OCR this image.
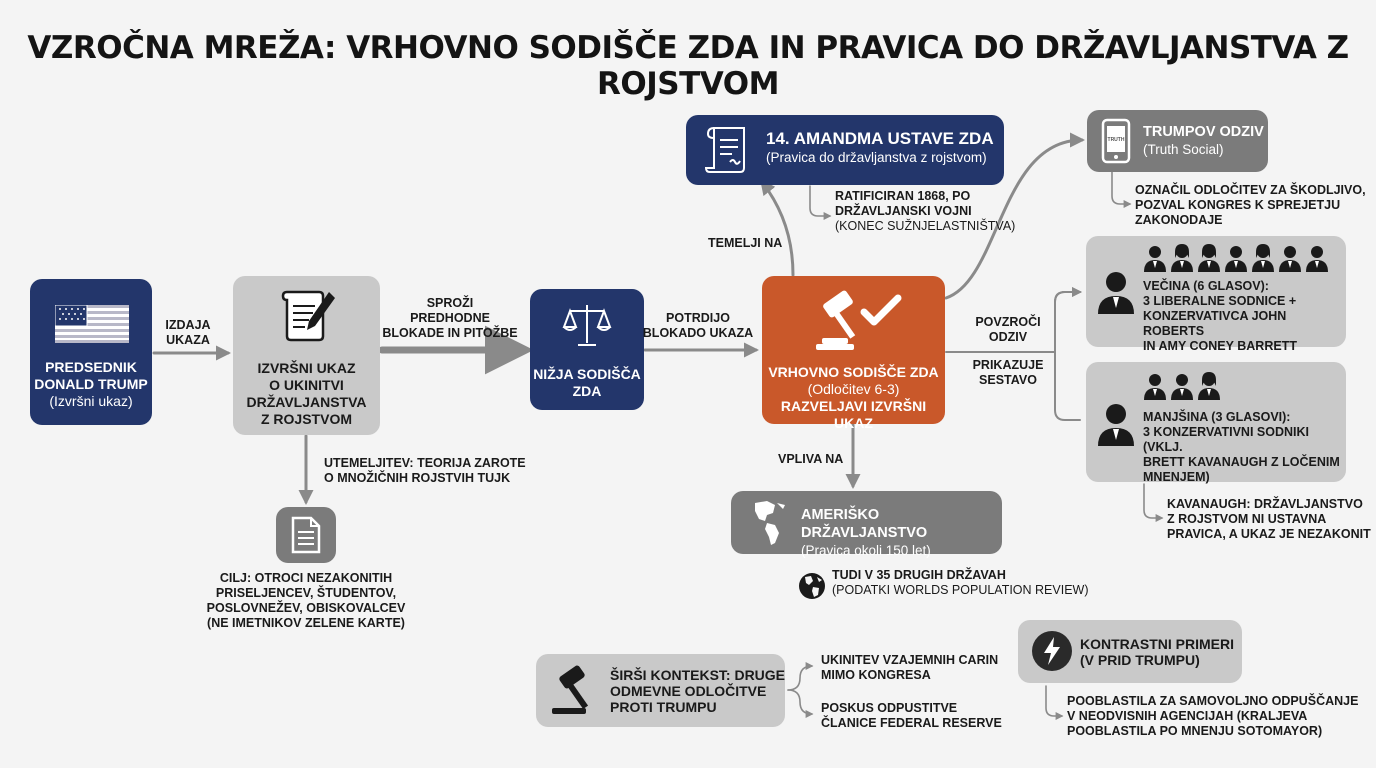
VZROČNA MREŽA: VRHOVNO SODIŠČE ZDA IN PRAVICA DO DRŽAVLJANSTVA Z ROJSTVOM
PREDSEDNIK
DONALD TRUMP
(Izvršni ukaz)
IZDAJA
UKAZA
IZVRŠNI UKAZ
O UKINITVI
DRŽAVLJANSTVA
Z ROJSTVOM
SPROŽI
PREDHODNE
BLOKADE IN PITOŽBE
NIŽJA SODIŠČA
ZDA
POTRDIJO
BLOKADO UKAZA
VRHOVNO SODIŠČE ZDA
(Odločitev 6-3)
RAZVELJAVI IZVRŠNI UKAZ
TEMELJI NA
14. AMANDMA USTAVE ZDA
(Pravica do državljanstva z rojstvom)
RATIFICIRAN 1868, PO
DRŽAVLJANSKI VOJNI
(KONEC SUŽNJELASTNIŠTVA)
TRUTH TRUMPOV ODZIV
(Truth Social)
OZNAČIL ODLOČITEV ZA ŠKODLJIVO,
POZVAL KONGRES K SPREJETJU
ZAKONODAJE
POVZROČI
ODZIV
PRIKAZUJE
SESTAVO
VEČINA (6 GLASOV):
3 LIBERALNE SODNICE +
KONZERVATIVCA JOHN ROBERTS
IN AMY CONEY BARRETT
MANJŠINA (3 GLASOVI):
3 KONZERVATIVNI SODNIKI (VKLJ.
BRETT KAVANAUGH Z LOČENIM
MNENJEM)
KAVANAUGH: DRŽAVLJANSTVO
Z ROJSTVOM NI USTAVNA
PRAVICA, A UKAZ JE NEZAKONIT
VPLIVA NA
AMERIŠKO DRŽAVLJANSTVO
(Pravica okoli 150 let)
TUDI V 35 DRUGIH DRŽAVAH
(PODATKI WORLDS POPULATION REVIEW)
UTEMELJITEV: TEORIJA ZAROTE
O MNOŽIČNIH ROJSTVIH TUJK
CILJ: OTROCI NEZAKONITIH
PRISELJENCEV, ŠTUDENTOV,
POSLOVNEŽEV, OBISKOVALCEV
(NE IMETNIKOV ZELENE KARTE)
ŠIRŠI KONTEKST: DRUGE
ODMEVNE ODLOČITVE
PROTI TRUMPU
UKINITEV VZAJEMNIH CARIN
MIMO KONGRESA
POSKUS ODPUSTITVE
ČLANICE FEDERAL RESERVE
KONTRASTNI PRIMERI
(V PRID TRUMPU)
POOBLASTILA ZA SAMOVOLJNO ODPUŠČANJE
V NEODVISNIH AGENCIJAH (KRALJEVA
POOBLASTILA PO MNENJU SOTOMAYOR)
